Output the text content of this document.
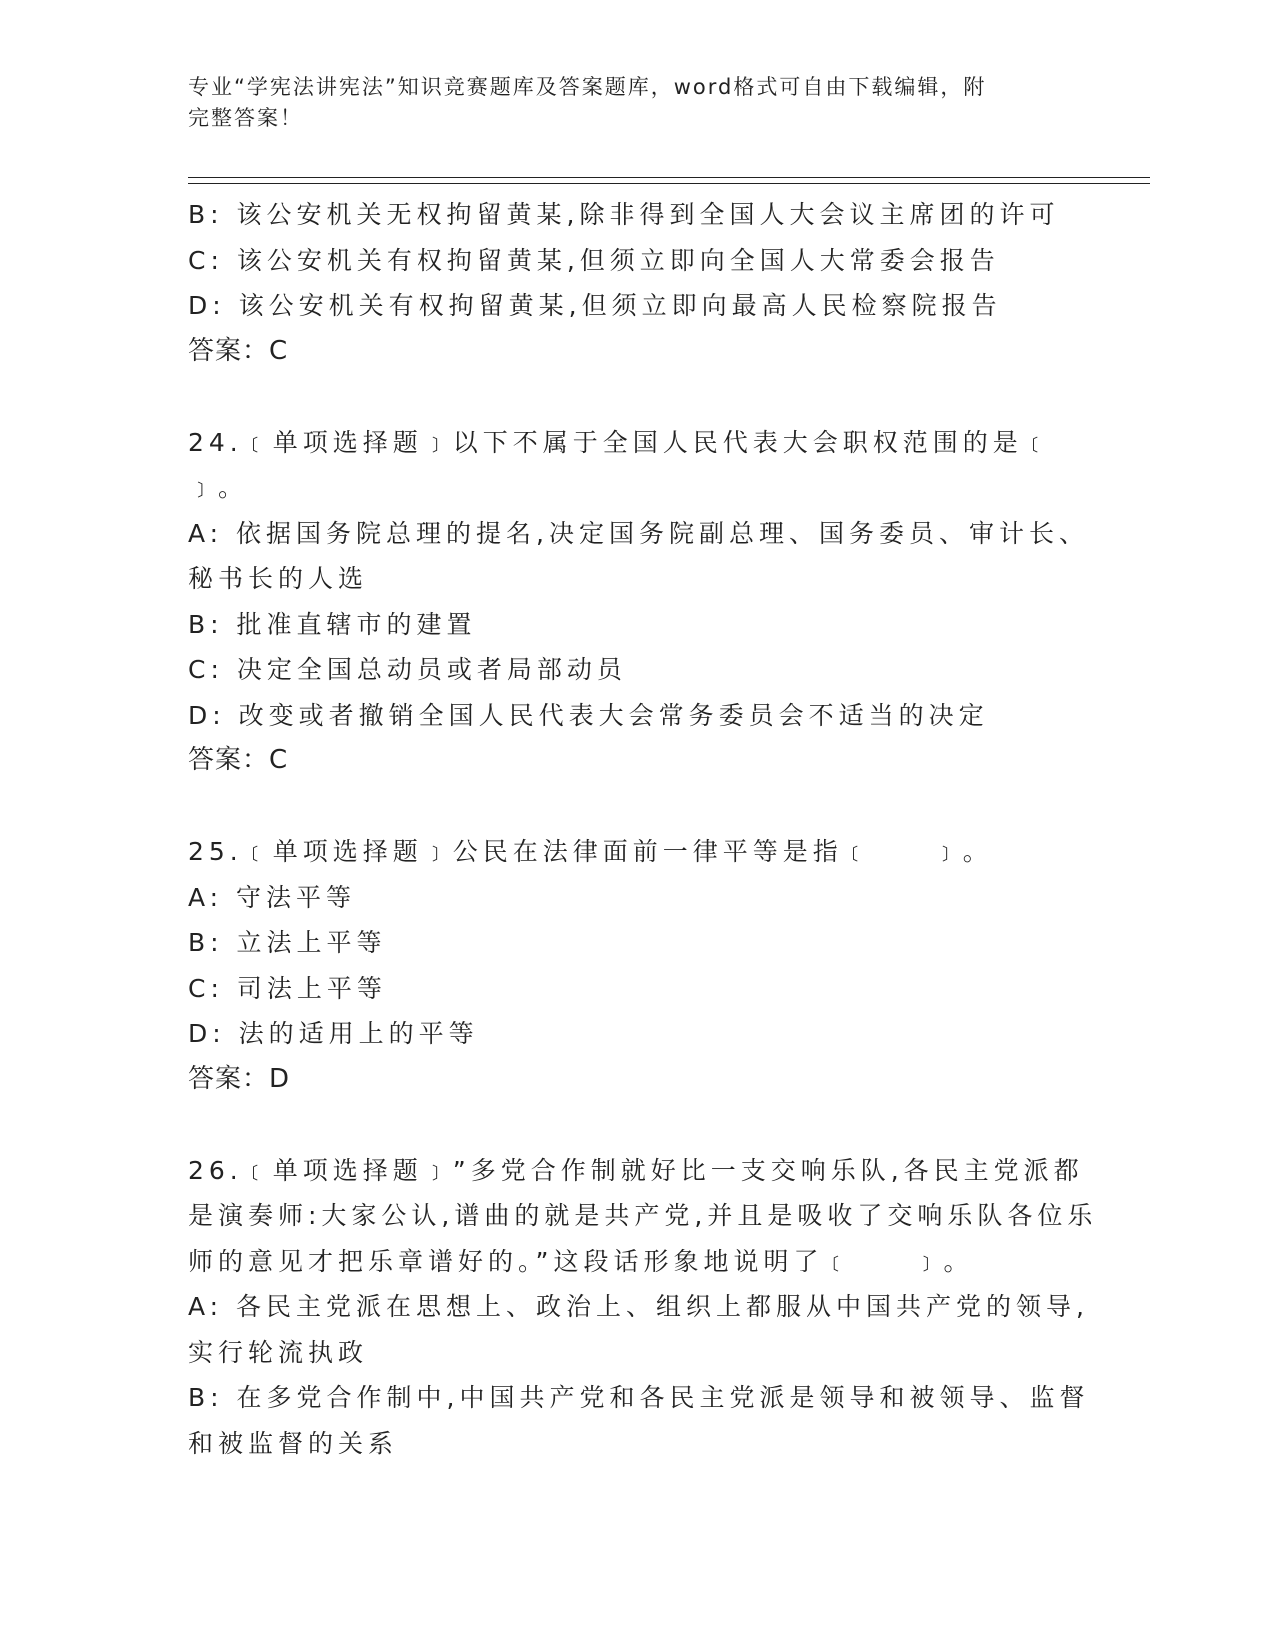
专业“学宪法讲宪法”知识竞赛题库及答案题库，word格式可自由下载编辑，附
完整答案！
B: 该公安机关无权拘留黄某,除非得到全国人大会议主席团的许可
C: 该公安机关有权拘留黄某,但须立即向全国人大常委会报告
D: 该公安机关有权拘留黄某,但须立即向最高人民检察院报告
答案：C
24.﹝单项选择题﹞以下不属于全国人民代表大会职权范围的是﹝
﹞。
A: 依据国务院总理的提名,决定国务院副总理、国务委员、审计长、
秘书长的人选
B: 批准直辖市的建置
C: 决定全国总动员或者局部动员
D: 改变或者撤销全国人民代表大会常务委员会不适当的决定
答案：C
25.﹝单项选择题﹞公民在法律面前一律平等是指﹝　　﹞。
A: 守法平等
B: 立法上平等
C: 司法上平等
D: 法的适用上的平等
答案：D
26.﹝单项选择题﹞”多党合作制就好比一支交响乐队,各民主党派都
是演奏师:大家公认,谱曲的就是共产党,并且是吸收了交响乐队各位乐
师的意见才把乐章谱好的。”这段话形象地说明了﹝　　﹞。
A: 各民主党派在思想上、政治上、组织上都服从中国共产党的领导,
实行轮流执政
B: 在多党合作制中,中国共产党和各民主党派是领导和被领导、监督
和被监督的关系
